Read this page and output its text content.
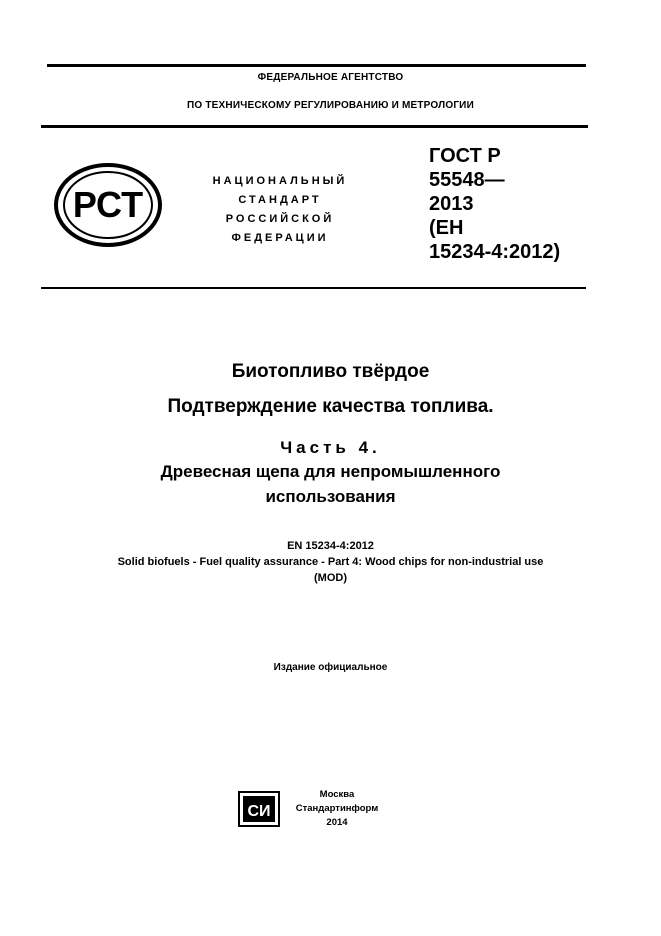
ФЕДЕРАЛЬНОЕ АГЕНТСТВО
ПО ТЕХНИЧЕСКОМУ РЕГУЛИРОВАНИЮ И МЕТРОЛОГИИ
РСТ
НАЦИОНАЛЬНЫЙ
СТАНДАРТ
РОССИЙСКОЙ
ФЕДЕРАЦИИ
ГОСТ Р
55548—
2013
(ЕН
15234-4:2012)
Биотопливо твёрдое
Подтверждение качества топлива.
Часть 4.
Древесная щепа для непромышленного
использования
EN 15234-4:2012
Solid biofuels - Fuel quality assurance - Part 4: Wood chips for non-industrial use
(MOD)
Издание официальное
СИ
Москва
Стандартинформ
2014
